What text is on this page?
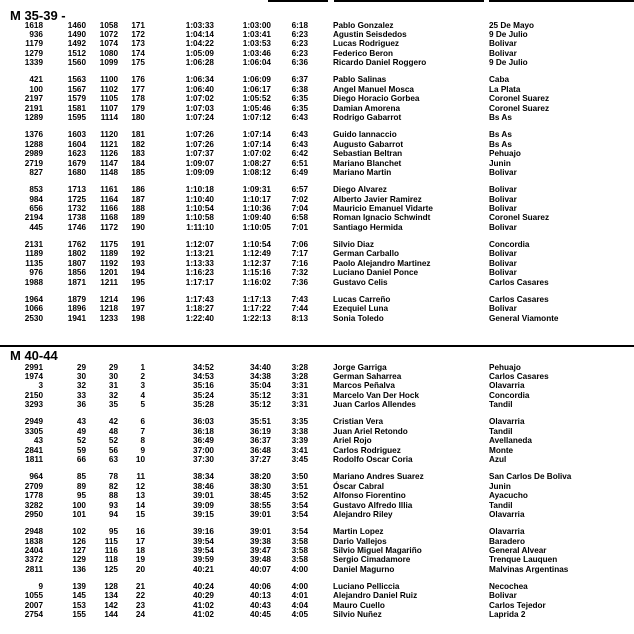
M 35-39 -
1618	1460 1058 171	1:03:33	1:03:00	6:18	Pablo Gonzalez	25 De Mayo
936	1490 1072 172	1:04:14	1:03:41	6:23	Agustin Seisdedos	9 De Julio
1179	1492 1074 173	1:04:22	1:03:53	6:23	Lucas Rodriguez	Bolivar
1279	1512 1080 174	1:05:09	1:03:46	6:23	Federico Beron	Bolivar
1339	1560 1099 175	1:06:28	1:06:04	6:36	Ricardo Daniel Roggero	9 De Julio
421	1563 1100 176	1:06:34	1:06:09	6:37	Pablo Salinas	Caba
100	1567 1102 177	1:06:40	1:06:17	6:38	Angel Manuel Mosca	La Plata
2197	1579 1105 178	1:07:02	1:05:52	6:35	Diego Horacio Gorbea	Coronel Suarez
2191	1581 1107 179	1:07:03	1:05:46	6:35	Damian Amorena	Coronel Suarez
1289	1595 1114 180	1:07:24	1:07:12	6:43	Rodrigo Gabarrot	Bs As
1376	1603 1120 181	1:07:26	1:07:14	6:43	Guido Iannaccio	Bs As
1288	1604 1121 182	1:07:26	1:07:14	6:43	Augusto Gabarrot	Bs As
2989	1623 1126 183	1:07:37	1:07:02	6:42	Sebastian Beltran	Pehuajo
2719	1679 1147 184	1:09:07	1:08:27	6:51	Mariano Blanchet	Junin
827	1680 1148 185	1:09:09	1:08:12	6:49	Mariano Martin	Bolivar
853	1713 1161 186	1:10:18	1:09:31	6:57	Diego Alvarez	Bolivar
984	1725 1164 187	1:10:40	1:10:17	7:02	Alberto Javier Ramirez	Bolivar
656	1732 1166 188	1:10:54	1:10:36	7:04	Mauricio Emanuel Vidarte	Bolivar
2194	1738 1168 189	1:10:58	1:09:40	6:58	Roman Ignacio Schwindt	Coronel Suarez
445	1746 1172 190	1:11:10	1:10:05	7:01	Santiago Hermida	Bolivar
2131	1762 1175 191	1:12:07	1:10:54	7:06	Silvio Diaz	Concordia
1189	1802 1189 192	1:13:21	1:12:49	7:17	German Carballo	Bolivar
1135	1807 1192 193	1:13:33	1:12:37	7:16	Paolo Alejandro Martinez	Bolivar
976	1856 1201 194	1:16:23	1:15:16	7:32	Luciano Daniel Ponce	Bolivar
1988	1871 1211 195	1:17:17	1:16:02	7:36	Gustavo Celis	Carlos Casares
1964	1879 1214 196	1:17:43	1:17:13	7:43	Lucas Carreño	Carlos Casares
1066	1896 1218 197	1:18:27	1:17:22	7:44	Ezequiel Luna	Bolivar
2530	1941 1233 198	1:22:40	1:22:13	8:13	Sonia Toledo	General Viamonte
M 40-44
2991	29	29	1	34:52	34:40	3:28	Jorge Garriga	Pehuajo
1974	30	30	2	34:53	34:38	3:28	German Saharrea	Carlos Casares
3	32	31	3	35:16	35:04	3:31	Marcos Peñalva	Olavarria
2150	33	32	4	35:24	35:12	3:31	Marcelo Van Der Hock	Concordia
3293	36	35	5	35:28	35:12	3:31	Juan Carlos Allendes	Tandil
2949	43	42	6	36:03	35:51	3:35	Cristian Vera	Olavarria
3305	49	48	7	36:18	36:19	3:38	Juan Ariel Retondo	Tandil
43	52	52	8	36:49	36:37	3:39	Ariel Rojo	Avellaneda
2841	59	56	9	37:00	36:48	3:41	Carlos Rodriguez	Monte
1811	66	63 10	37:30	37:27	3:45	Rodolfo Oscar Coria	Azul
964	85	78 11	38:34	38:20	3:50	Mariano Andres Suarez	San Carlos De Boliva
2709	89	82 12	38:46	38:30	3:51	Óscar Cabral	Junin
1778	95	88 13	39:01	38:45	3:52	Alfonso Fiorentino	Ayacucho
3282	100	93 14	39:09	38:55	3:54	Gustavo Alfredo Illia	Tandil
2950	101	94 15	39:15	39:01	3:54	Alejandro Riley	Olavarria
2948	102	95 16	39:16	39:01	3:54	Martin Lopez	Olavarria
1838	126 115 17	39:54	39:38	3:58	Dario Vallejos	Baradero
2404	127 116 18	39:54	39:47	3:58	Silvio Miguel Magariño	General Alvear
3372	129 118 19	39:59	39:48	3:58	Sergio Cimadamore	Trenque Lauquen
2811	136 125 20	40:21	40:07	4:00	Daniel Magurno	Malvinas Argentinas
9	139 128 21	40:24	40:06	4:00	Luciano Pelliccia	Necochea
1055	145 134 22	40:29	40:13	4:01	Alejandro Daniel Ruiz	Bolivar
2007	153 142 23	41:02	40:43	4:04	Mauro Cuello	Carlos Tejedor
2754	155 144 24	41:02	40:45	4:05	Silvio Nuñez	Laprida 2
